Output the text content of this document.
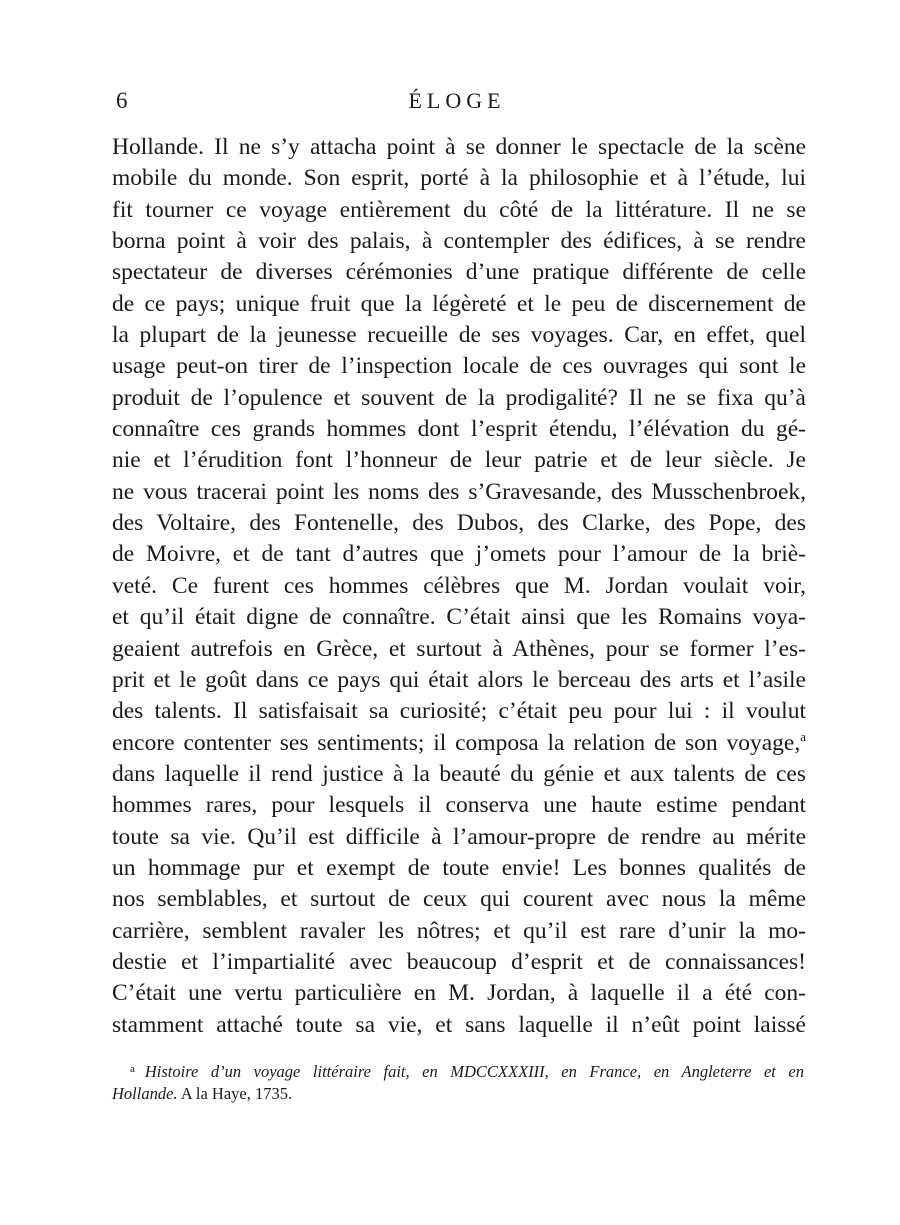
6	ÉLOGE
Hollande. Il ne s’y attacha point à se donner le spectacle de la scène
mobile du monde. Son esprit, porté à la philosophie et à l’étude, lui
fit tourner ce voyage entièrement du côté de la littérature. Il ne se
borna point à voir des palais, à contempler des édifices, à se rendre
spectateur de diverses cérémonies d’une pratique différente de celle
de ce pays; unique fruit que la légèreté et le peu de discernement de
la plupart de la jeunesse recueille de ses voyages. Car, en effet, quel
usage peut-on tirer de l’inspection locale de ces ouvrages qui sont le
produit de l’opulence et souvent de la prodigalité? Il ne se fixa qu’à
connaître ces grands hommes dont l’esprit étendu, l’élévation du gé-
nie et l’érudition font l’honneur de leur patrie et de leur siècle. Je
ne vous tracerai point les noms des s’Gravesande, des Musschenbroek,
des Voltaire, des Fontenelle, des Dubos, des Clarke, des Pope, des
de Moivre, et de tant d’autres que j’omets pour l’amour de la briè-
veté. Ce furent ces hommes célèbres que M. Jordan voulait voir,
et qu’il était digne de connaître. C’était ainsi que les Romains voya-
geaient autrefois en Grèce, et surtout à Athènes, pour se former l’es-
prit et le goût dans ce pays qui était alors le berceau des arts et l’asile
des talents. Il satisfaisait sa curiosité; c’était peu pour lui : il voulut
encore contenter ses sentiments; il composa la relation de son voyage,$^a$
dans laquelle il rend justice à la beauté du génie et aux talents de ces
hommes rares, pour lesquels il conserva une haute estime pendant
toute sa vie. Qu’il est difficile à l’amour-propre de rendre au mérite
un hommage pur et exempt de toute envie! Les bonnes qualités de
nos semblables, et surtout de ceux qui courent avec nous la même
carrière, semblent ravaler les nôtres; et qu’il est rare d’unir la mo-
destie et l’impartialité avec beaucoup d’esprit et de connaissances!
C’était une vertu particulière en M. Jordan, à laquelle il a été con-
stamment attaché toute sa vie, et sans laquelle il n’eût point laissé
$^a$ Histoire d’un voyage littéraire fait, en MDCCXXXIII, en France, en Angleterre et en
Hollande. A la Haye, 1735.
